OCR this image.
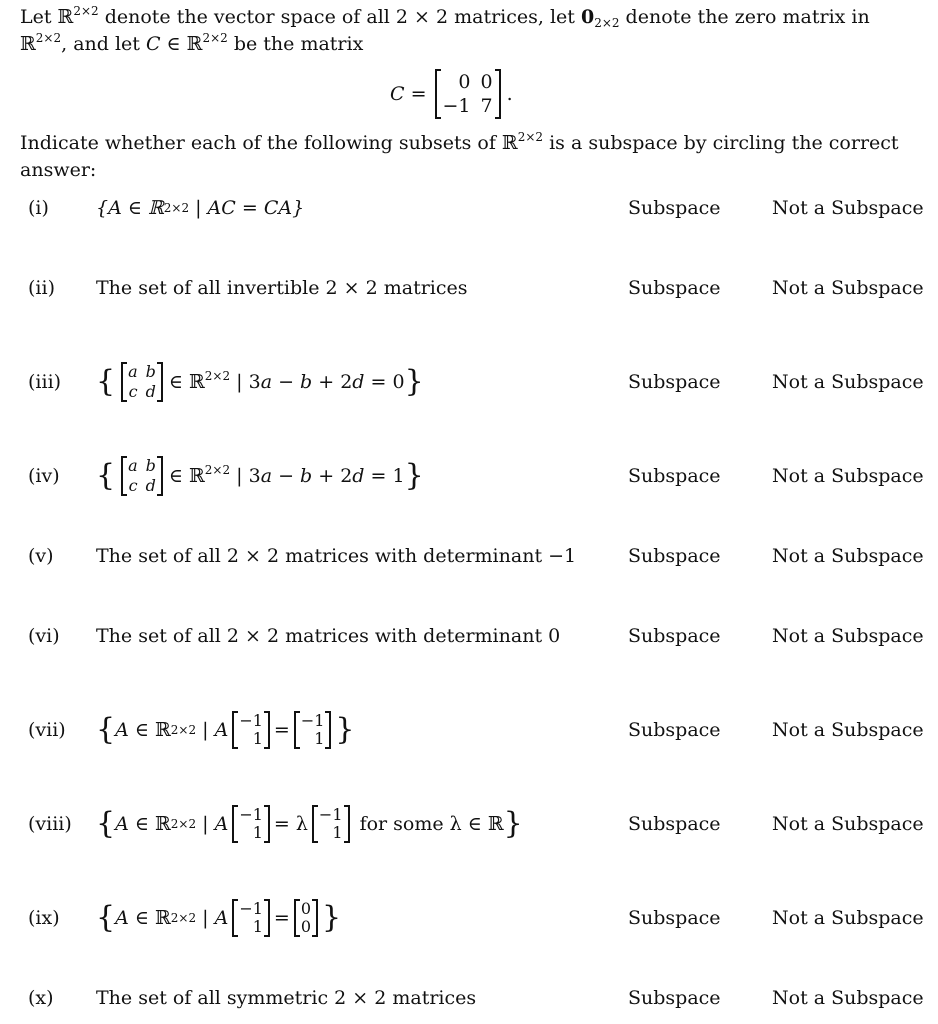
Let ℝ$^{2\times 2}$ denote the vector space of all 2 × 2 matrices, let $0_{2\times 2}$ denote the zero matrix in
ℝ$^{2\times 2}$, and let C ∈ ℝ$^{2\times 2}$ be the matrix
C =
0 0
−1 7
.
Indicate whether each of the following subsets of ℝ$^{2\times 2}$ is a subspace by circling the correct answer:
(i) {A ∈ ℝ 2×2 | AC = CA}	Subspace	Not a Subspace
(ii) The set of all invertible 2 × 2 matrices	Subspace	Not a Subspace
(iii) { a b
c d ∈ ℝ$^{2\times 2}$ | 3a − b + 2d = 0 }	Subspace	Not a Subspace
(iv) { a b
c d ∈ ℝ$^{2\times 2}$ | 3a − b + 2d = 1 }	Subspace	Not a Subspace
(v) The set of all 2 × 2 matrices with determinant −1	Subspace	Not a Subspace
(vi) The set of all 2 × 2 matrices with determinant 0	Subspace	Not a Subspace
(vii) { A ∈ ℝ 2×2 | A −1
1 = −1
1 }	Subspace	Not a Subspace
(viii) { A ∈ ℝ 2×2 | A −1
1 = λ −1
1
for some λ ∈ ℝ }	Subspace	Not a Subspace
(ix) { A ∈ ℝ 2×2 | A −1
1 = 0
0 }	Subspace	Not a Subspace
(x) The set of all symmetric 2 × 2 matrices	Subspace	Not a Subspace
